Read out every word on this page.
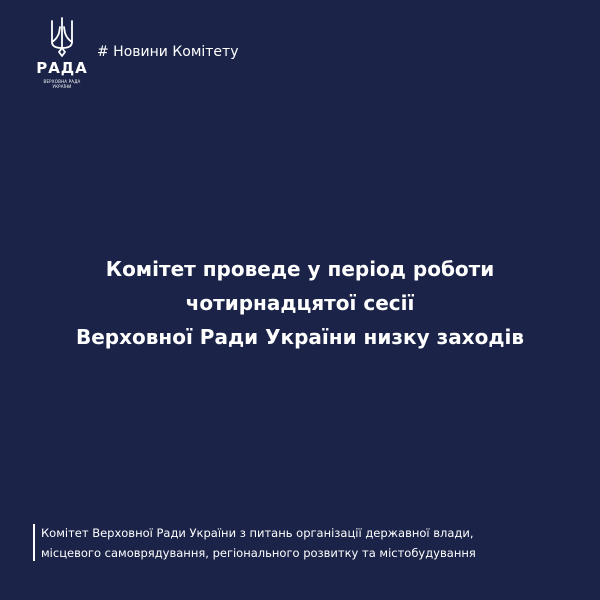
РАДА
ВЕРХОВНА РАДА
УКРАЇНИ
# Новини Комітету
Комітет проведе у період роботи
чотирнадцятої сесії
Верховної Ради України низку заходів
Комітет Верховної Ради України з питань організації державної влади,
місцевого самоврядування, регіонального розвитку та містобудування
